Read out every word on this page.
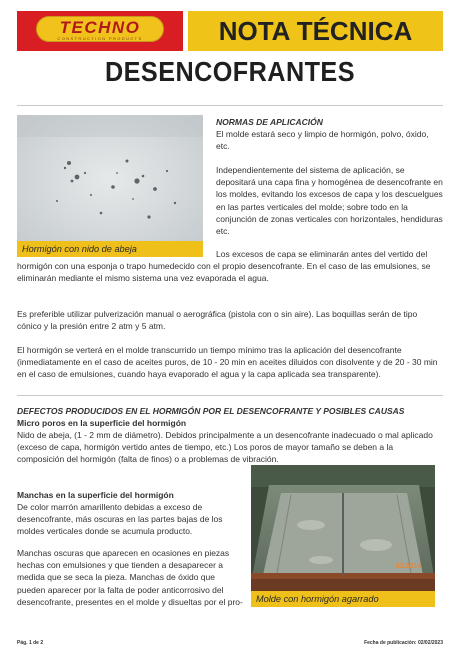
TECHNO
CONSTRUCTION PRODUCTS	NOTA TÉCNICA
DESENCOFRANTES
Hormigón con nido de abeja
NORMAS DE APLICACIÓN

El molde estará seco y limpio de hormigón, polvo, óxido, etc.

Independientemente del sistema de aplicación, se depositará una capa fina y homogénea de desencofrante en los moldes, evitando los excesos de capa y los descuelgues en las partes verticales del molde; sobre todo en la conjunción de zonas verticales con horizontales, hendiduras etc.

Los excesos de capa se eliminarán antes del vertido del hormigón con una esponja o trapo humedecido con el propio desencofrante. En el caso de las emulsiones, se eliminarán mediante el mismo sistema una vez evaporada el agua.

Es preferible utilizar pulverización manual o aerográfica (pistola con o sin aire). Las boquillas serán de tipo cónico y la presión entre 2 atm y 5 atm.

El hormigón se verterá en el molde transcurrido un tiempo mínimo tras la aplicación del desencofrante (inmediatamente en el caso de aceites puros, de 10 - 20 min en aceites diluidos con disolvente y de 20 - 30 min en el caso de emulsiones, cuando haya evaporado el agua y la capa aplicada sea transparente).

DEFECTOS PRODUCIDOS EN EL HORMIGÓN POR EL DESENCOFRANTE Y POSIBLES CAUSAS
Micro poros en la superficie del hormigón

Nido de abeja, (1 - 2 mm de diámetro). Debidos principalmente a un desencofrante inadecuado o mal aplicado (exceso de capa, hormigón vertido antes de tiempo, etc.) Los poros de mayor tamaño se deben a la composición del hormigón (falta de finos) o a problemas de vibración.

Manchas en la superficie del hormigón

De color marrón amarillento debidas a exceso de desencofrante, más oscuras en las partes bajas de los moldes verticales donde se acumula producto.

Manchas oscuras que aparecen en ocasiones en piezas hechas con emulsiones y que tienden a desaparecer a medida que se seca la pieza. Manchas de óxido que pueden aparecer por la falta de poder anticorrosivo del desencofrante, presentes en el molde y disueltas por el pro-

03.2014
Molde con hormigón agarrado
Pág. 1 de 2	Fecha de publicación: 02/02/2023
